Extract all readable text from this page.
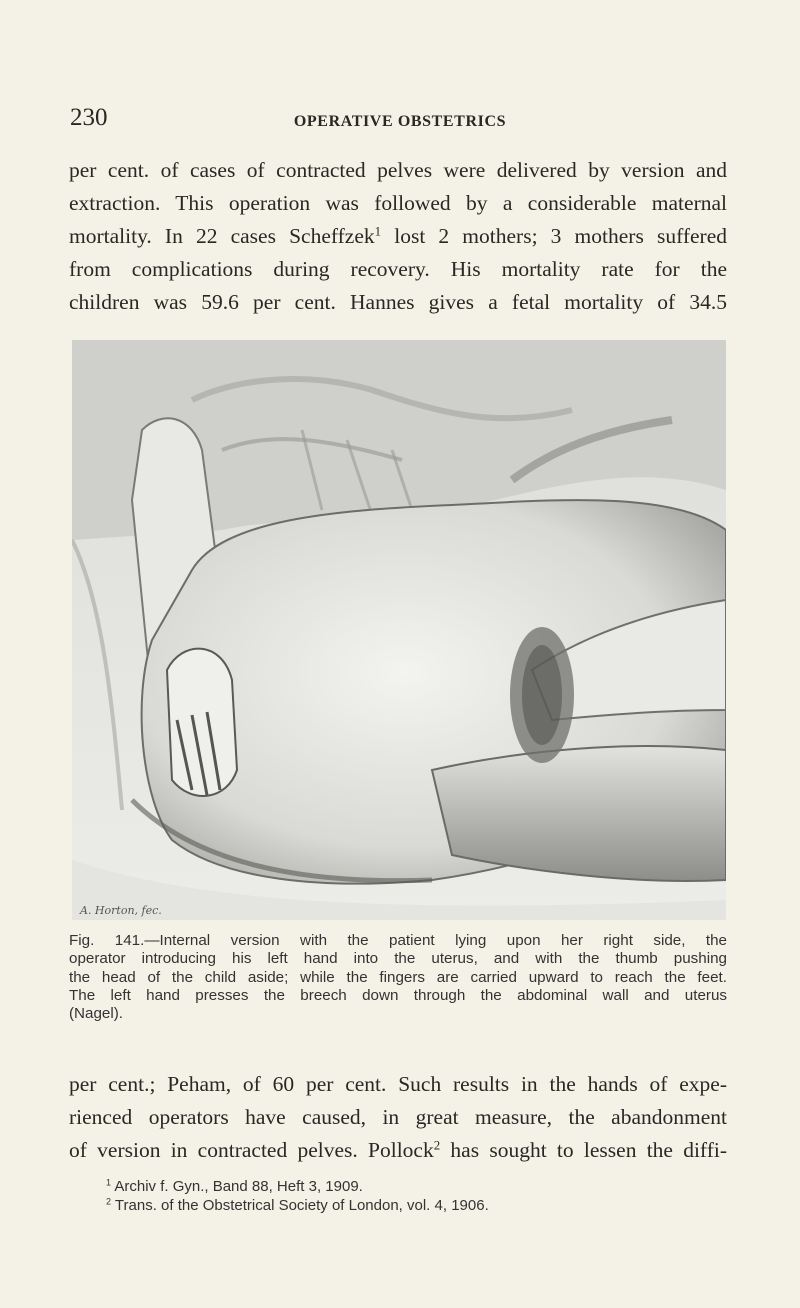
230	OPERATIVE OBSTETRICS

per cent. of cases of contracted pelves were delivered by version and
extraction. This operation was followed by a considerable maternal
mortality. In 22 cases Scheffzek$^1$ lost 2 mothers; 3 mothers suffered
from complications during recovery. His mortality rate for the
children was 59.6 per cent. Hannes gives a fetal mortality of 34.5

A. Horton, fec.

Fig. 141.—Internal version with the patient lying upon her right side, the
operator introducing his left hand into the uterus, and with the thumb pushing
the head of the child aside; while the fingers are carried upward to reach the feet.
The left hand presses the breech down through the abdominal wall and uterus
(Nagel).

per cent.; Peham, of 60 per cent. Such results in the hands of expe-
rienced operators have caused, in great measure, the abandonment
of version in contracted pelves. Pollock$^2$ has sought to lessen the diffi-

$^1$ Archiv f. Gyn., Band 88, Heft 3, 1909.
$^2$ Trans. of the Obstetrical Society of London, vol. 4, 1906.
